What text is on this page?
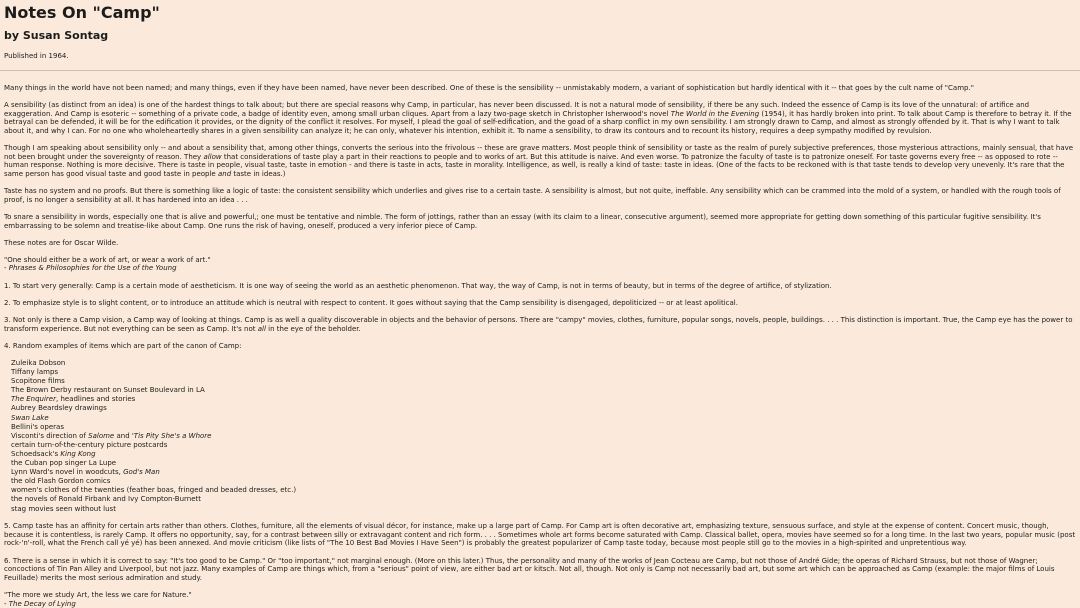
Notes On "Camp"
by Susan Sontag

Published in 1964.

Many things in the world have not been named; and many things, even if they have been named, have never been described. One of these is the sensibility -- unmistakably modern, a variant of sophistication but hardly identical with it -- that goes by the cult name of "Camp."

A sensibility (as distinct from an idea) is one of the hardest things to talk about; but there are special reasons why Camp, in particular, has never been discussed. It is not a natural mode of sensibility, if there be any such. Indeed the essence of Camp is its love of the unnatural: of artifice and exaggeration. And Camp is esoteric -- something of a private code, a badge of identity even, among small urban cliques. Apart from a lazy two-page sketch in Christopher Isherwood's novel The World in the Evening (1954), it has hardly broken into print. To talk about Camp is therefore to betray it. If the betrayal can be defended, it will be for the edification it provides, or the dignity of the conflict it resolves. For myself, I plead the goal of self-edification, and the goad of a sharp conflict in my own sensibility. I am strongly drawn to Camp, and almost as strongly offended by it. That is why I want to talk about it, and why I can. For no one who wholeheartedly shares in a given sensibility can analyze it; he can only, whatever his intention, exhibit it. To name a sensibility, to draw its contours and to recount its history, requires a deep sympathy modified by revulsion.

Though I am speaking about sensibility only -- and about a sensibility that, among other things, converts the serious into the frivolous -- these are grave matters. Most people think of sensibility or taste as the realm of purely subjective preferences, those mysterious attractions, mainly sensual, that have not been brought under the sovereignty of reason. They allow that considerations of taste play a part in their reactions to people and to works of art. But this attitude is naive. And even worse. To patronize the faculty of taste is to patronize oneself. For taste governs every free -- as opposed to rote -- human response. Nothing is more decisive. There is taste in people, visual taste, taste in emotion - and there is taste in acts, taste in morality. Intelligence, as well, is really a kind of taste: taste in ideas. (One of the facts to be reckoned with is that taste tends to develop very unevenly. It's rare that the same person has good visual taste and good taste in people and taste in ideas.)

Taste has no system and no proofs. But there is something like a logic of taste: the consistent sensibility which underlies and gives rise to a certain taste. A sensibility is almost, but not quite, ineffable. Any sensibility which can be crammed into the mold of a system, or handled with the rough tools of proof, is no longer a sensibility at all. It has hardened into an idea . . .

To snare a sensibility in words, especially one that is alive and powerful,; one must be tentative and nimble. The form of jottings, rather than an essay (with its claim to a linear, consecutive argument), seemed more appropriate for getting down something of this particular fugitive sensibility. It's embarrassing to be solemn and treatise-like about Camp. One runs the risk of having, oneself, produced a very inferior piece of Camp.

These notes are for Oscar Wilde.

"One should either be a work of art, or wear a work of art."
- Phrases & Philosophies for the Use of the Young

1. To start very generally: Camp is a certain mode of aestheticism. It is one way of seeing the world as an aesthetic phenomenon. That way, the way of Camp, is not in terms of beauty, but in terms of the degree of artifice, of stylization.

2. To emphasize style is to slight content, or to introduce an attitude which is neutral with respect to content. It goes without saying that the Camp sensibility is disengaged, depoliticized -- or at least apolitical.

3. Not only is there a Camp vision, a Camp way of looking at things. Camp is as well a quality discoverable in objects and the behavior of persons. There are "campy" movies, clothes, furniture, popular songs, novels, people, buildings. . . . This distinction is important. True, the Camp eye has the power to transform experience. But not everything can be seen as Camp. It's not all in the eye of the beholder.

4. Random examples of items which are part of the canon of Camp:

Zuleika Dobson
Tiffany lamps
Scopitone films
The Brown Derby restaurant on Sunset Boulevard in LA
The Enquirer, headlines and stories
Aubrey Beardsley drawings
Swan Lake
Bellini's operas
Visconti's direction of Salome and 'Tis Pity She's a Whore
certain turn-of-the-century picture postcards
Schoedsack's King Kong
the Cuban pop singer La Lupe
Lynn Ward's novel in woodcuts, God's Man
the old Flash Gordon comics
women's clothes of the twenties (feather boas, fringed and beaded dresses, etc.)
the novels of Ronald Firbank and Ivy Compton-Burnett
stag movies seen without lust

5. Camp taste has an affinity for certain arts rather than others. Clothes, furniture, all the elements of visual décor, for instance, make up a large part of Camp. For Camp art is often decorative art, emphasizing texture, sensuous surface, and style at the expense of content. Concert music, though, because it is contentless, is rarely Camp. It offers no opportunity, say, for a contrast between silly or extravagant content and rich form. . . . Sometimes whole art forms become saturated with Camp. Classical ballet, opera, movies have seemed so for a long time. In the last two years, popular music (post rock-'n'-roll, what the French call yé yé) has been annexed. And movie criticism (like lists of "The 10 Best Bad Movies I Have Seen") is probably the greatest popularizer of Camp taste today, because most people still go to the movies in a high-spirited and unpretentious way.

6. There is a sense in which it is correct to say: "It's too good to be Camp." Or "too important," not marginal enough. (More on this later.) Thus, the personality and many of the works of Jean Cocteau are Camp, but not those of André Gide; the operas of Richard Strauss, but not those of Wagner; concoctions of Tin Pan Alley and Liverpool, but not jazz. Many examples of Camp are things which, from a "serious" point of view, are either bad art or kitsch. Not all, though. Not only is Camp not necessarily bad art, but some art which can be approached as Camp (example: the major films of Louis Feuillade) merits the most serious admiration and study.

"The more we study Art, the less we care for Nature."
- The Decay of Lying
